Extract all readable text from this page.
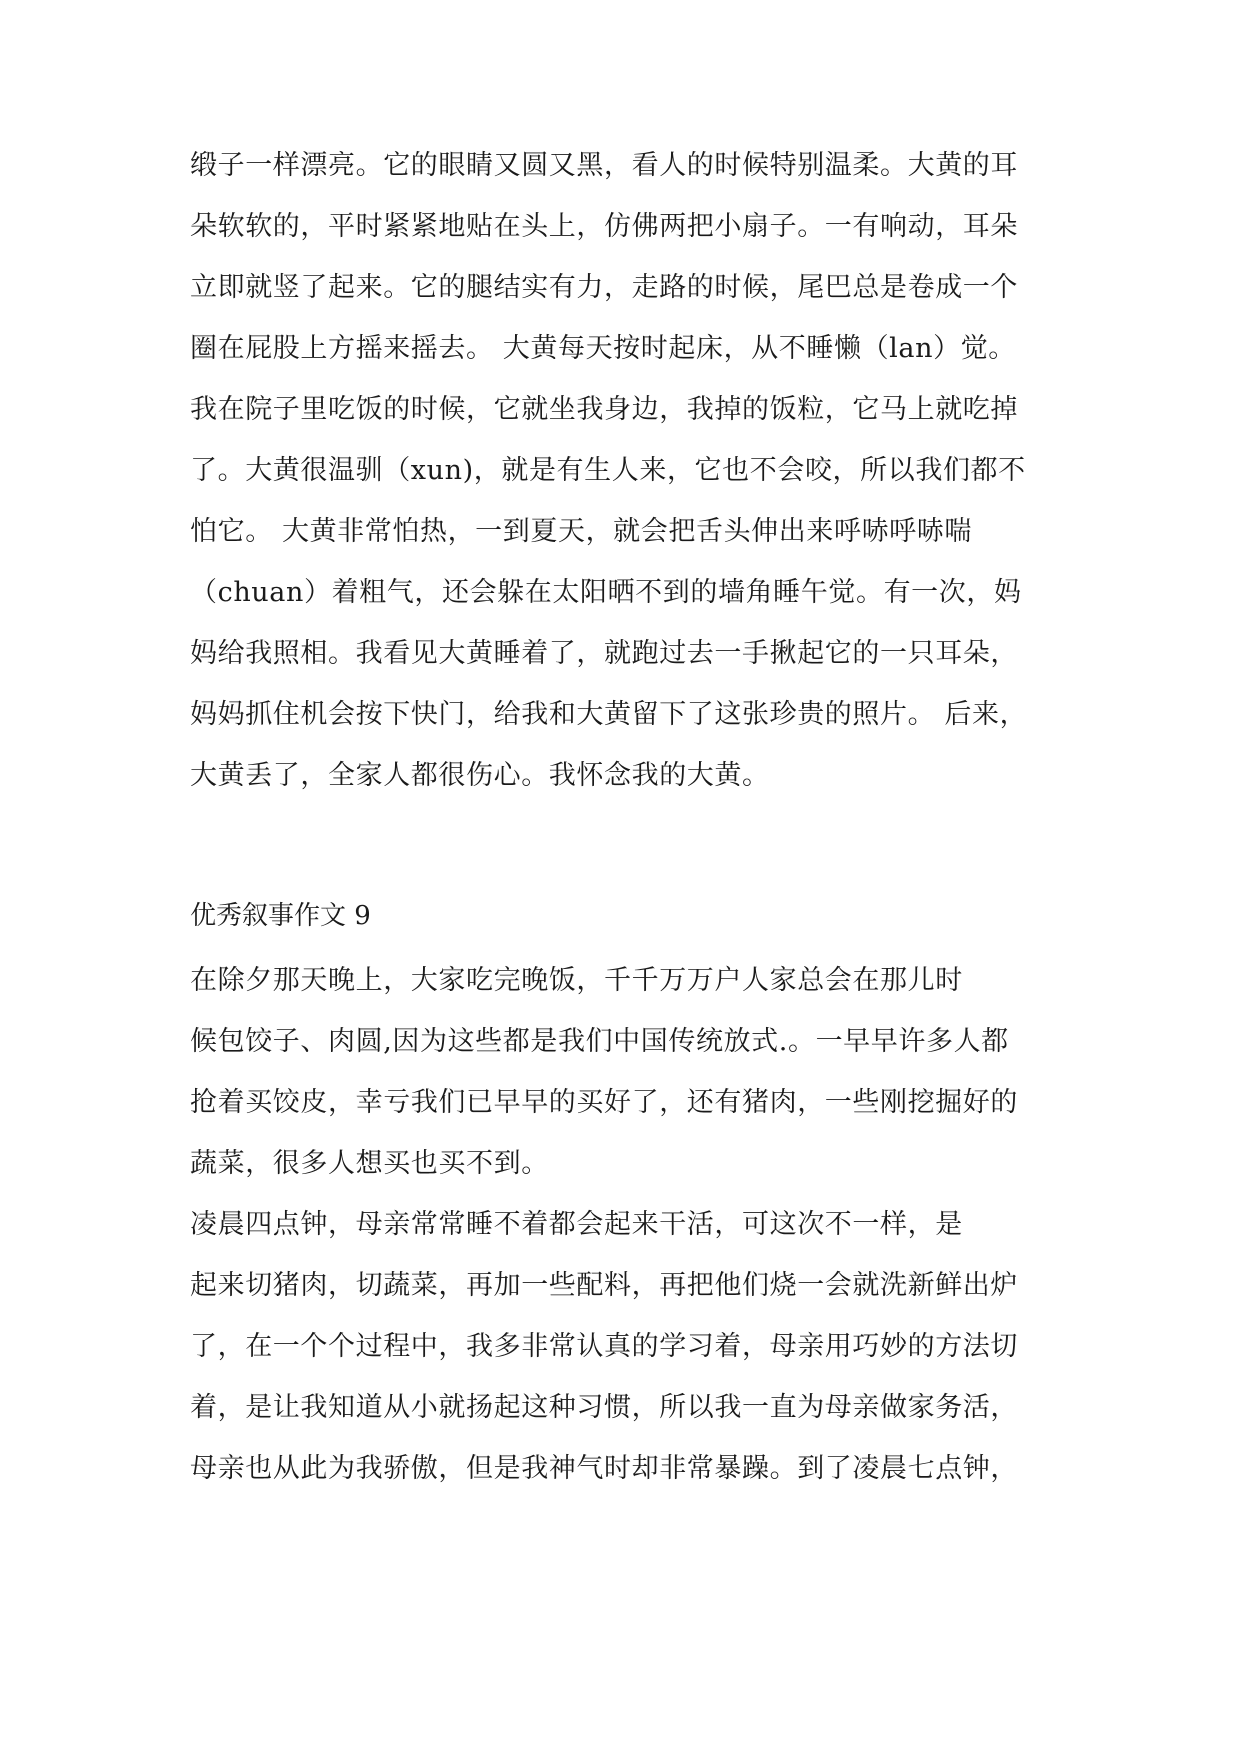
缎子一样漂亮。它的眼睛又圆又黑，看人的时候特别温柔。大黄的耳
朵软软的，平时紧紧地贴在头上，仿佛两把小扇子。一有响动，耳朵
立即就竖了起来。它的腿结实有力，走路的时候，尾巴总是卷成一个
圈在屁股上方摇来摇去。 大黄每天按时起床，从不睡懒（lan）觉。
我在院子里吃饭的时候，它就坐我身边，我掉的饭粒，它马上就吃掉
了。大黄很温驯（xun)，就是有生人来，它也不会咬，所以我们都不
怕它。 大黄非常怕热，一到夏天，就会把舌头伸出来呼哧呼哧喘
（chuan）着粗气，还会躲在太阳晒不到的墙角睡午觉。有一次，妈
妈给我照相。我看见大黄睡着了，就跑过去一手揪起它的一只耳朵，
妈妈抓住机会按下快门，给我和大黄留下了这张珍贵的照片。 后来，
大黄丢了，全家人都很伤心。我怀念我的大黄。
优秀叙事作文 9
在除夕那天晚上，大家吃完晚饭，千千万万户人家总会在那儿时
候包饺子、肉圆,因为这些都是我们中国传统放式.。一早早许多人都
抢着买饺皮，幸亏我们已早早的买好了，还有猪肉，一些刚挖掘好的
蔬菜，很多人想买也买不到。
凌晨四点钟，母亲常常睡不着都会起来干活，可这次不一样，是
起来切猪肉，切蔬菜，再加一些配料，再把他们烧一会就洗新鲜出炉
了，在一个个过程中，我多非常认真的学习着，母亲用巧妙的方法切
着，是让我知道从小就扬起这种习惯，所以我一直为母亲做家务活，
母亲也从此为我骄傲，但是我神气时却非常暴躁。到了凌晨七点钟，
